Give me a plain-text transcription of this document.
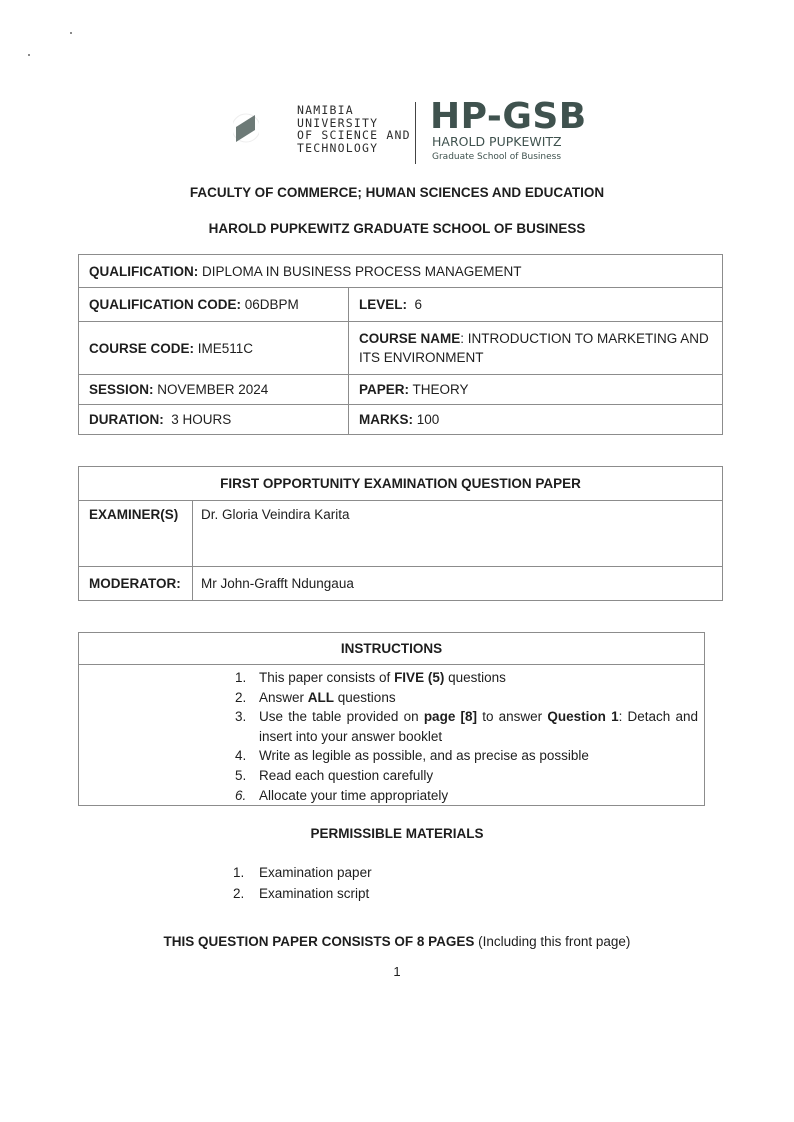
NAMIBIA
UNIVERSITY
OF SCIENCE AND
TECHNOLOGY
HP-GSB
HAROLD PUPKEWITZ
Graduate School of Business
FACULTY OF COMMERCE; HUMAN SCIENCES AND EDUCATION
HAROLD PUPKEWITZ GRADUATE SCHOOL OF BUSINESS
QUALIFICATION: DIPLOMA IN BUSINESS PROCESS MANAGEMENT	
QUALIFICATION CODE: 06DBPM	LEVEL:  6
COURSE CODE: IME511C	COURSE NAME: INTRODUCTION TO MARKETING AND ITS ENVIRONMENT
SESSION: NOVEMBER 2024	PAPER: THEORY
DURATION:  3 HOURS	MARKS: 100
FIRST OPPORTUNITY EXAMINATION QUESTION PAPER	
EXAMINER(S)	Dr. Gloria Veindira Karita
MODERATOR:	Mr John-Grafft Ndungaua
INSTRUCTIONS

1. This paper consists of FIVE (5) questions
2. Answer ALL questions
3. Use the table provided on page [8] to answer Question 1: Detach and insert into your answer booklet
4. Write as legible as possible, and as precise as possible
5. Read each question carefully
6. Allocate your time appropriately
PERMISSIBLE MATERIALS
1. Examination paper
2. Examination script
THIS QUESTION PAPER CONSISTS OF 8 PAGES (Including this front page)
1
